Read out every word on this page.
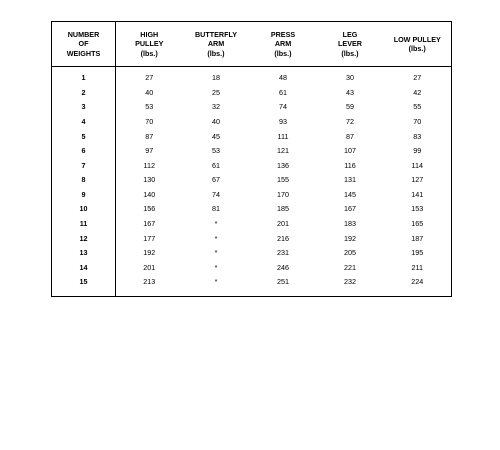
NUMBER
OF
WEIGHTS	HIGH
PULLEY
(lbs.)	BUTTERFLY
ARM
(lbs.)	PRESS
ARM
(lbs.)	LEG
LEVER
(lbs.)	LOW PULLEY
(lbs.)

1	27	18	48	30	27
2	40	25	61	43	42
3	53	32	74	59	55
4	70	40	93	72	70
5	87	45	111	87	83
6	97	53	121	107	99
7	112	61	136	116	114
8	130	67	155	131	127
9	140	74	170	145	141
10	156	81	185	167	153
11	167	*	201	183	165
12	177	*	216	192	187
13	192	*	231	205	195
14	201	*	246	221	211
15	213	*	251	232	224
